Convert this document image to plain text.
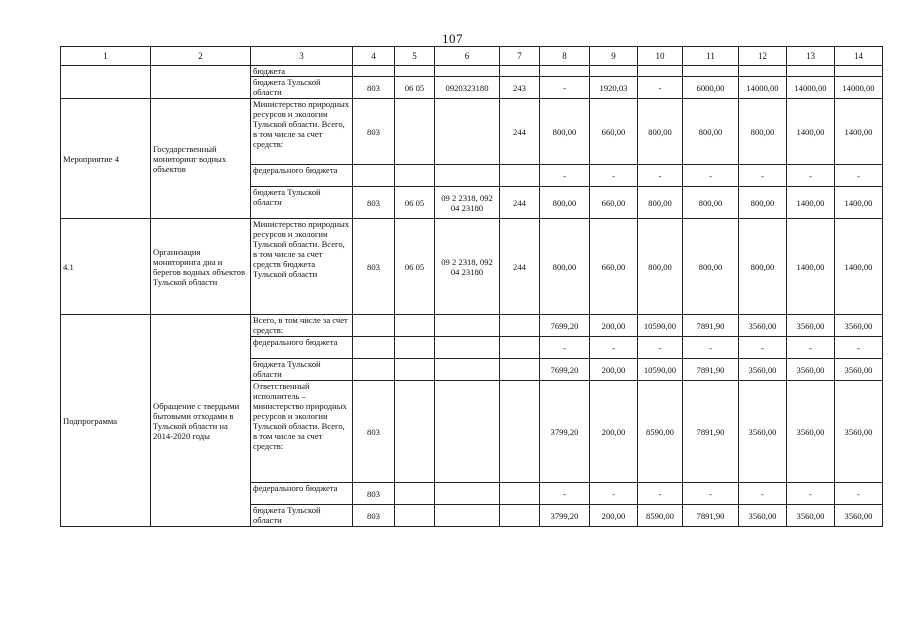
107
1	2	3	4	5	6	7	8	9	10	11	12	13	14
		бюджета											
		бюджета Тульской области	803	06 05	0920323180	243	-	1920,03	-	6000,00	14000,00	14000,00	14000,00
Мероприятие 4	Государственный мониторинг водных объектов	Министерство природных ресурсов и экологии Тульской области. Всего, в том числе за счет средств:	803			244	800,00	660,00	800,00	800,00	800,00	1400,00	1400,00
		федерального бюджета					-	-	-	-	-	-	-
		бюджета Тульской области	803	06 05	09 2 2318, 092 04 23180	244	800,00	660,00	800,00	800,00	800,00	1400,00	1400,00
4.1	Организация мониторинга дна и берегов водных объектов Тульской области	Министерство природных ресурсов и экологии Тульской области. Всего, в том числе за счет средств бюджета Тульской области	803	06 05	09 2 2318, 092 04 23180	244	800,00	660,00	800,00	800,00	800,00	1400,00	1400,00
Подпрограмма	Обращение с твердыми бытовыми отходами в Тульской области на 2014-2020 годы	Всего, в том числе за счет средств:					7699,20	200,00	10590,00	7891,90	3560,00	3560,00	3560,00
		федерального бюджета					-	-	-	-	-	-	-
		бюджета Тульской области					7699,20	200,00	10590,00	7891,90	3560,00	3560,00	3560,00
		Ответственный исполнитель – министерство природных ресурсов и экологии Тульской области. Всего, в том числе за счет средств:	803				3799,20	200,00	8590,00	7891,90	3560,00	3560,00	3560,00
		федерального бюджета	803				-	-	-	-	-	-	-
		бюджета Тульской области	803				3799,20	200,00	8590,00	7891,90	3560,00	3560,00	3560,00
